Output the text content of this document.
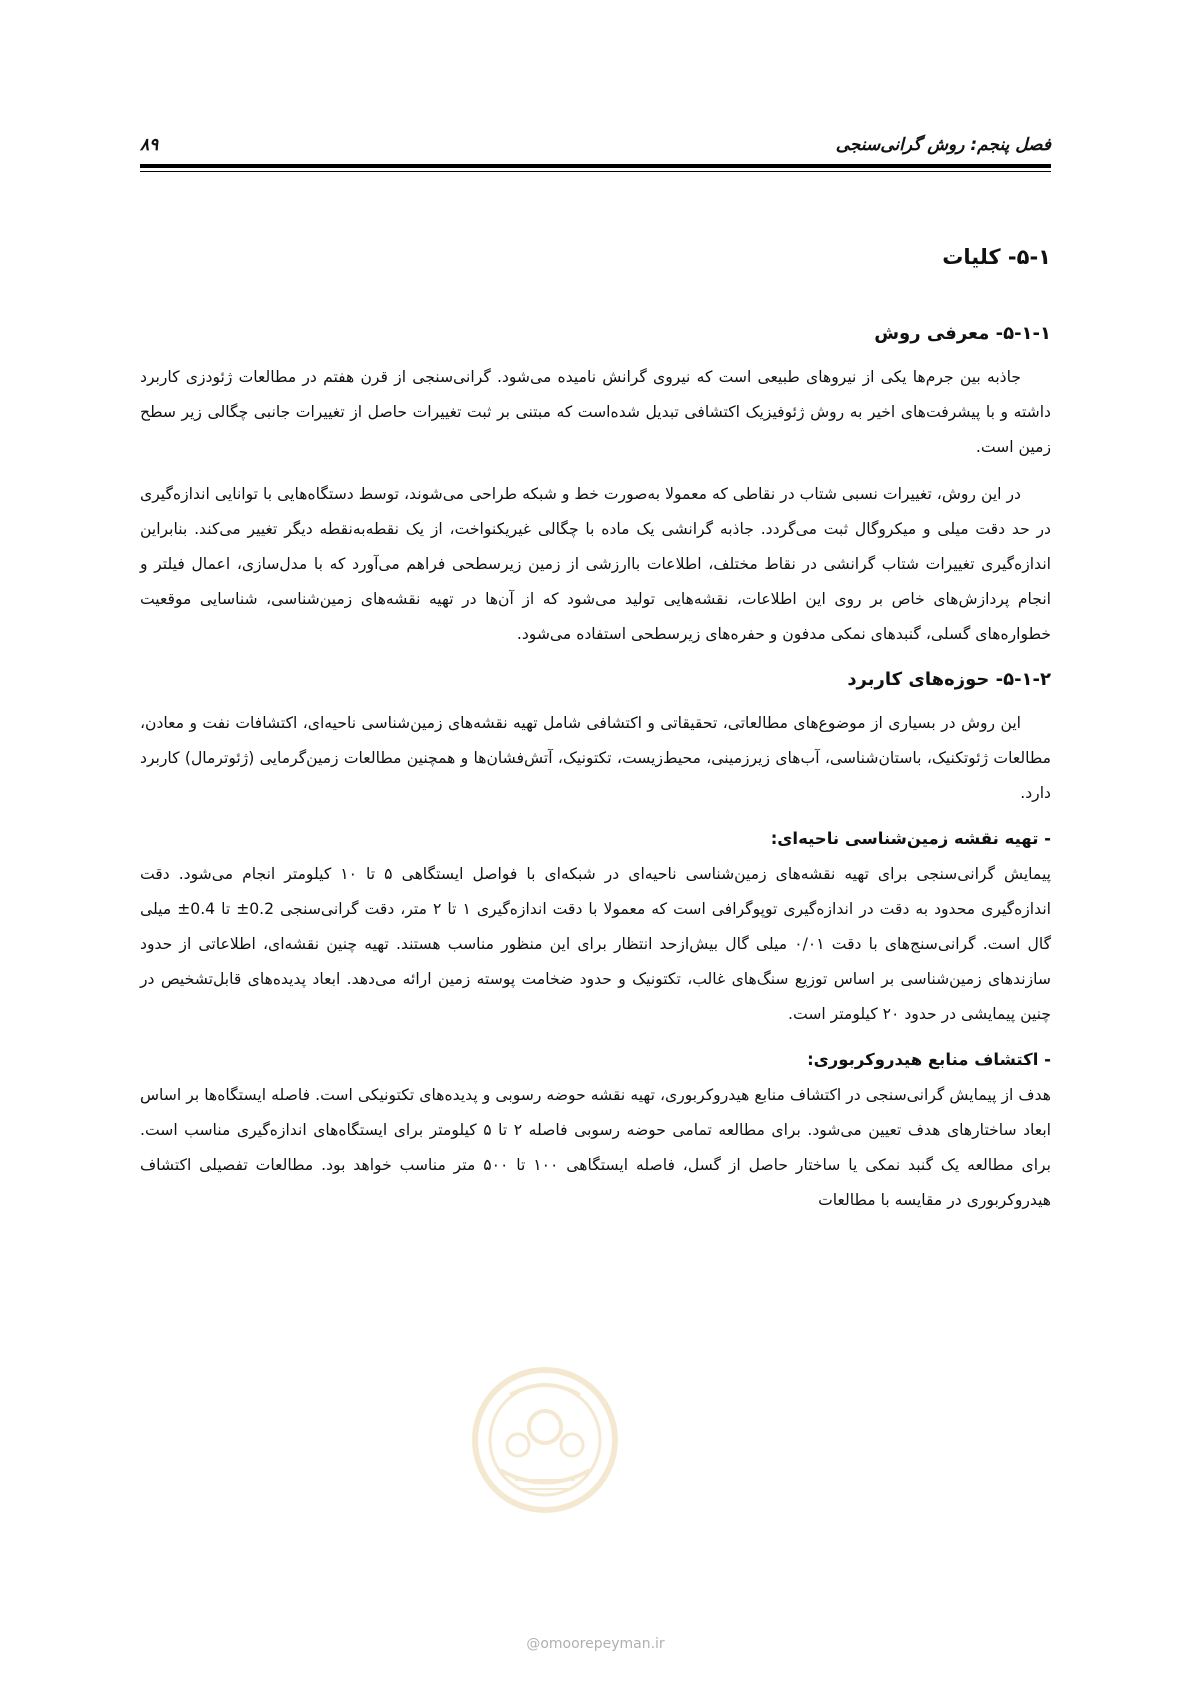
فصل پنجم: روش گرانی‌سنجی
۸۹
۵-۱- کلیات
۵-۱-۱- معرفی روش

جاذبه بین جرم‌ها یکی از نیروهای طبیعی است که نیروی گرانش نامیده می‌شود. گرانی‌سنجی از قرن هفتم در مطالعات ژئودزی کاربرد داشته و با پیشرفت‌های اخیر به روش ژئوفیزیک اکتشافی تبدیل شده‌است که مبتنی بر ثبت تغییرات حاصل از تغییرات جانبی چگالی زیر سطح زمین است.

در این روش، تغییرات نسبی شتاب در نقاطی که معمولا به‌صورت خط و شبکه طراحی می‌شوند، توسط دستگاه‌هایی با توانایی اندازه‌گیری در حد دقت میلی و میکروگال ثبت می‌گردد. جاذبه گرانشی یک ماده با چگالی غیریکنواخت، از یک نقطه‌به‌نقطه دیگر تغییر می‌کند. بنابراین اندازه‌گیری تغییرات شتاب گرانشی در نقاط مختلف، اطلاعات باارزشی از زمین زیرسطحی فراهم می‌آورد که با مدل‌سازی، اعمال فیلتر و انجام پردازش‌های خاص بر روی این اطلاعات، نقشه‌هایی تولید می‌شود که از آن‌ها در تهیه نقشه‌های زمین‌شناسی، شناسایی موقعیت خطواره‌های گسلی، گنبدهای نمکی مدفون و حفره‌های زیرسطحی استفاده می‌شود.

۵-۱-۲- حوزه‌های کاربرد

این روش در بسیاری از موضوع‌های مطالعاتی، تحقیقاتی و اکتشافی شامل تهیه نقشه‌های زمین‌شناسی ناحیه‌ای، اکتشافات نفت و معادن، مطالعات ژئوتکنیک، باستان‌شناسی، آب‌های زیرزمینی، محیط‌زیست، تکتونیک، آتش‌فشان‌ها و همچنین مطالعات زمین‌گرمایی (ژئوترمال) کاربرد دارد.

- تهیه نقشه زمین‌شناسی ناحیه‌ای:

پیمایش گرانی‌سنجی برای تهیه نقشه‌های زمین‌شناسی ناحیه‌ای در شبکه‌ای با فواصل ایستگاهی ۵ تا ۱۰ کیلومتر انجام می‌شود. دقت اندازه‌گیری محدود به دقت در اندازه‌گیری توپوگرافی است که معمولا با دقت اندازه‌گیری ۱ تا ۲ متر، دقت گرانی‌سنجی ±0.2 تا ±0.4 میلی گال است. گرانی‌سنج‌های با دقت ۰/۰۱ میلی گال بیش‌ازحد انتظار برای این منظور مناسب هستند. تهیه چنین نقشه‌ای، اطلاعاتی از حدود سازندهای زمین‌شناسی بر اساس توزیع سنگ‌های غالب، تکتونیک و حدود ضخامت پوسته زمین ارائه می‌دهد. ابعاد پدیده‌های قابل‌تشخیص در چنین پیمایشی در حدود ۲۰ کیلومتر است.

- اکتشاف منابع هیدروکربوری:

هدف از پیمایش گرانی‌سنجی در اکتشاف منابع هیدروکربوری، تهیه نقشه حوضه رسوبی و پدیده‌های تکتونیکی است. فاصله ایستگاه‌ها بر اساس ابعاد ساختارهای هدف تعیین می‌شود. برای مطالعه تمامی حوضه رسوبی فاصله ۲ تا ۵ کیلومتر برای ایستگاه‌های اندازه‌گیری مناسب است. برای مطالعه یک گنبد نمکی یا ساختار حاصل از گسل، فاصله ایستگاهی ۱۰۰ تا ۵۰۰ متر مناسب خواهد بود. مطالعات تفصیلی اکتشاف هیدروکربوری در مقایسه با مطالعات

@omoorepeyman.ir
